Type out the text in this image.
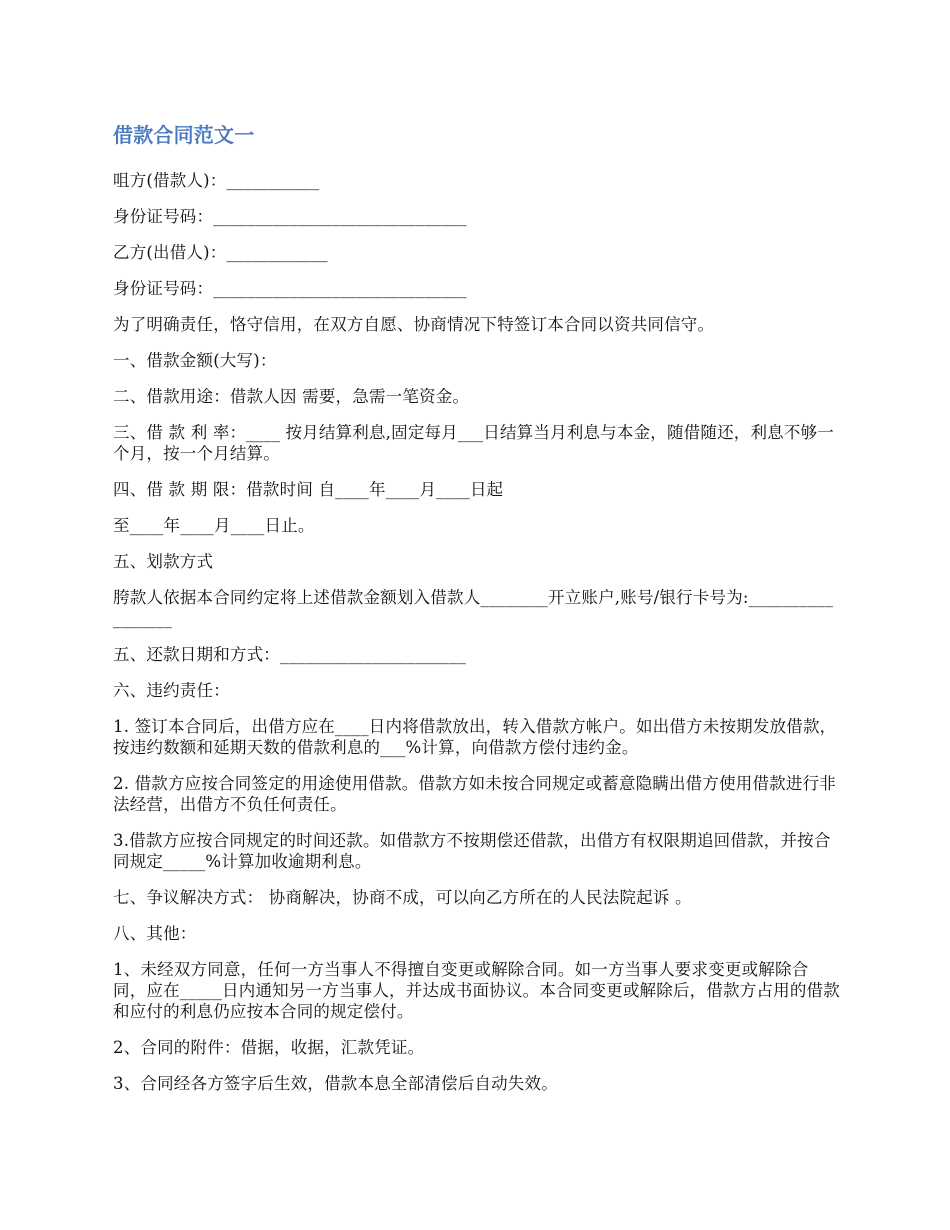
借款合同范文一

咀方(借款人)：___________

身份证号码：______________________________

乙方(出借人)：____________

身份证号码：______________________________

为了明确责任，恪守信用，在双方自愿、协商情况下特签订本合同以资共同信守。

一、借款金额(大写)：

二、借款用途：借款人因 需要，急需一笔资金。

三、借 款 利 率：____ 按月结算利息,固定每月___日结算当月利息与本金，随借随还，利息不够一个月，按一个月结算。

四、借 款 期 限：借款时间 自____年____月____日起

至____年____月____日止。

五、划款方式

胯款人依据本合同约定将上述借款金额划入借款人________开立账户,账号/银行卡号为:_________________

五、还款日期和方式：______________________

六、违约责任：

1. 签订本合同后，出借方应在____日内将借款放出，转入借款方帐户。如出借方未按期发放借款，按违约数额和延期天数的借款利息的___%计算，向借款方偿付违约金。

2. 借款方应按合同签定的用途使用借款。借款方如未按合同规定或蓄意隐瞒出借方使用借款进行非法经营，出借方不负任何责任。

3.借款方应按合同规定的时间还款。如借款方不按期偿还借款，出借方有权限期追回借款，并按合同规定_____%计算加收逾期利息。

七、争议解决方式： 协商解决，协商不成，可以向乙方所在的人民法院起诉 。

八、其他：

1、未经双方同意，任何一方当事人不得擅自变更或解除合同。如一方当事人要求变更或解除合同，应在_____日内通知另一方当事人，并达成书面协议。本合同变更或解除后，借款方占用的借款和应付的利息仍应按本合同的规定偿付。

2、合同的附件：借据，收据，汇款凭证。

3、合同经各方签字后生效，借款本息全部清偿后自动失效。
